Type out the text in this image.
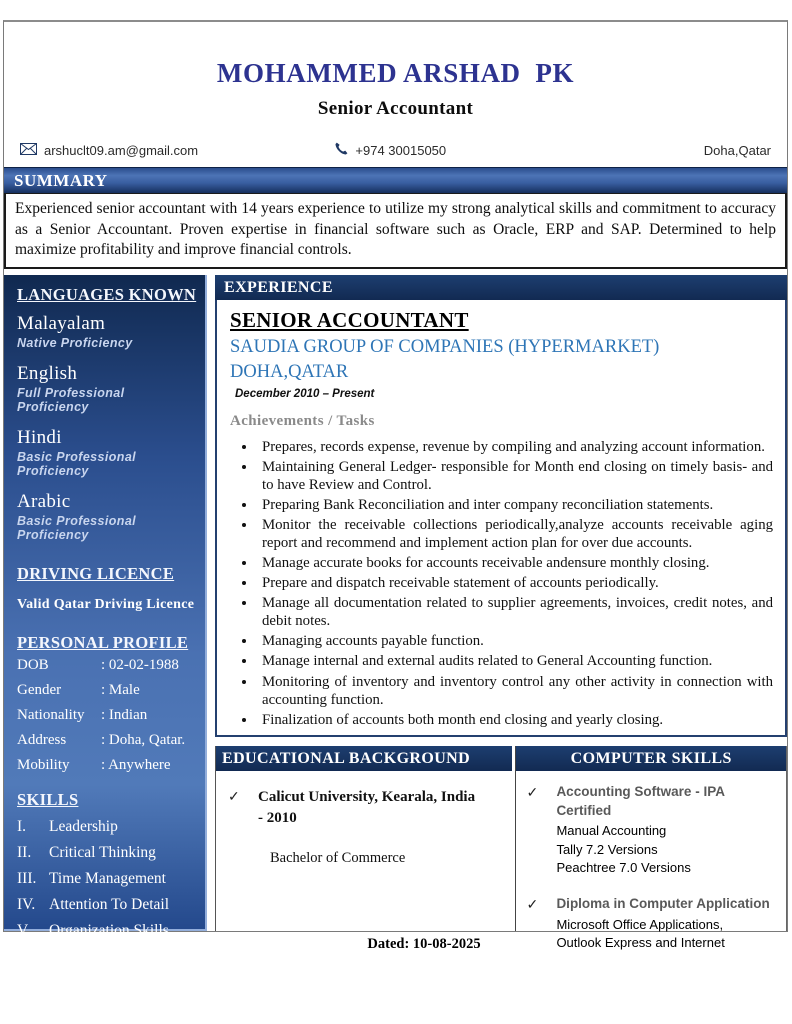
MOHAMMED ARSHAD  PK
Senior Accountant
arshuclt09.am@gmail.com	+974 30015050	Doha,Qatar
SUMMARY
Experienced senior accountant with 14 years experience to utilize my strong analytical skills and commitment to accuracy as a Senior Accountant. Proven expertise in financial software such as Oracle, ERP and SAP. Determined to help maximize profitability and improve financial controls.
LANGUAGES KNOWN
Malayalam
Native Proficiency
English
Full Professional Proficiency
Hindi
Basic Professional Proficiency
Arabic
Basic Professional Proficiency
DRIVING LICENCE
Valid Qatar Driving Licence
PERSONAL PROFILE
DOB	: 02-02-1988
Gender	: Male
Nationality	: Indian
Address	: Doha, Qatar.
Mobility	: Anywhere
SKILLS
I.	Leadership
II.	Critical Thinking
III. Time Management
IV. Attention To Detail
V.	Organization Skills
VI. Delegating Task
EXPERIENCE
SENIOR ACCOUNTANT
SAUDIA GROUP OF COMPANIES (HYPERMARKET)
DOHA,QATAR
December 2010 – Present
Achievements / Tasks
• Prepares, records expense, revenue by compiling and analyzing account information.
• Maintaining General Ledger- responsible for Month end closing on timely basis- and to have Review and Control.
• Preparing Bank Reconciliation and inter company reconciliation statements.
• Monitor the receivable collections periodically,analyze accounts receivable aging report and recommend and implement action plan for over due accounts.
• Manage accurate books for accounts receivable andensure monthly closing.
• Prepare and dispatch receivable statement of accounts periodically.
• Manage all documentation related to supplier agreements, invoices, credit notes, and debit notes.
• Managing accounts payable function.
• Manage internal and external audits related to General Accounting function.
• Monitoring of inventory and inventory control any other activity in connection with accounting function.
• Finalization of accounts both month end closing and yearly closing.
EDUCATIONAL BACKGROUND
✓	Calicut University, Kearala, India - 2010
Bachelor of Commerce
COMPUTER SKILLS
✓	Accounting Software - IPA Certified
Manual Accounting
Tally 7.2 Versions
Peachtree 7.0 Versions
✓	Diploma in Computer Application
Microsoft Office Applications,
Outlook Express and Internet
Dated: 10-08-2025
